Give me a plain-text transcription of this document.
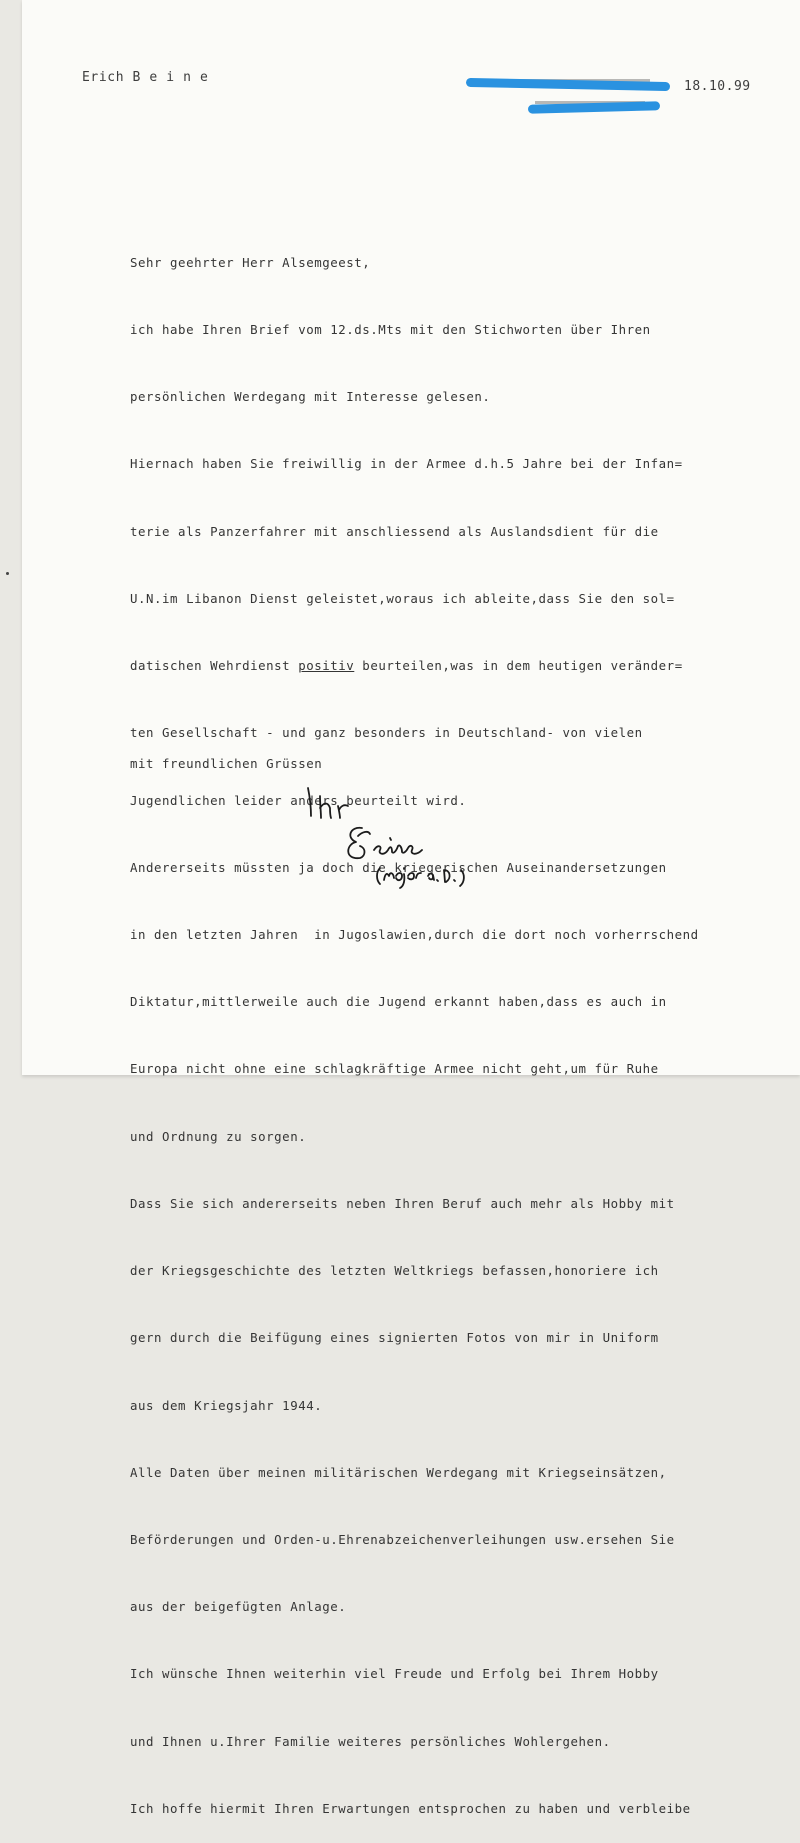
Erich B e i n e
18.10.99

Sehr geehrter Herr Alsemgeest,

ich habe Ihren Brief vom 12.ds.Mts mit den Stichworten über Ihren

persönlichen Werdegang mit Interesse gelesen.

Hiernach haben Sie freiwillig in der Armee d.h.5 Jahre bei der Infan=

terie als Panzerfahrer mit anschliessend als Auslandsdient für die

U.N.im Libanon Dienst geleistet,woraus ich ableite,dass Sie den sol=

datischen Wehrdienst positiv beurteilen,was in dem heutigen veränder=

ten Gesellschaft - und ganz besonders in Deutschland- von vielen

Jugendlichen leider anders beurteilt wird.

Andererseits müssten ja doch die kriegerischen Auseinandersetzungen

in den letzten Jahren  in Jugoslawien,durch die dort noch vorherrschend

Diktatur,mittlerweile auch die Jugend erkannt haben,dass es auch in

Europa nicht ohne eine schlagkräftige Armee nicht geht,um für Ruhe

und Ordnung zu sorgen.

Dass Sie sich andererseits neben Ihren Beruf auch mehr als Hobby mit

der Kriegsgeschichte des letzten Weltkriegs befassen,honoriere ich

gern durch die Beifügung eines signierten Fotos von mir in Uniform

aus dem Kriegsjahr 1944.

Alle Daten über meinen militärischen Werdegang mit Kriegseinsätzen,

Beförderungen und Orden-u.Ehrenabzeichenverleihungen usw.ersehen Sie

aus der beigefügten Anlage.

Ich wünsche Ihnen weiterhin viel Freude und Erfolg bei Ihrem Hobby

und Ihnen u.Ihrer Familie weiteres persönliches Wohlergehen.

Ich hoffe hiermit Ihren Erwartungen entsprochen zu haben und verbleibe

mit freundlichen Grüssen
